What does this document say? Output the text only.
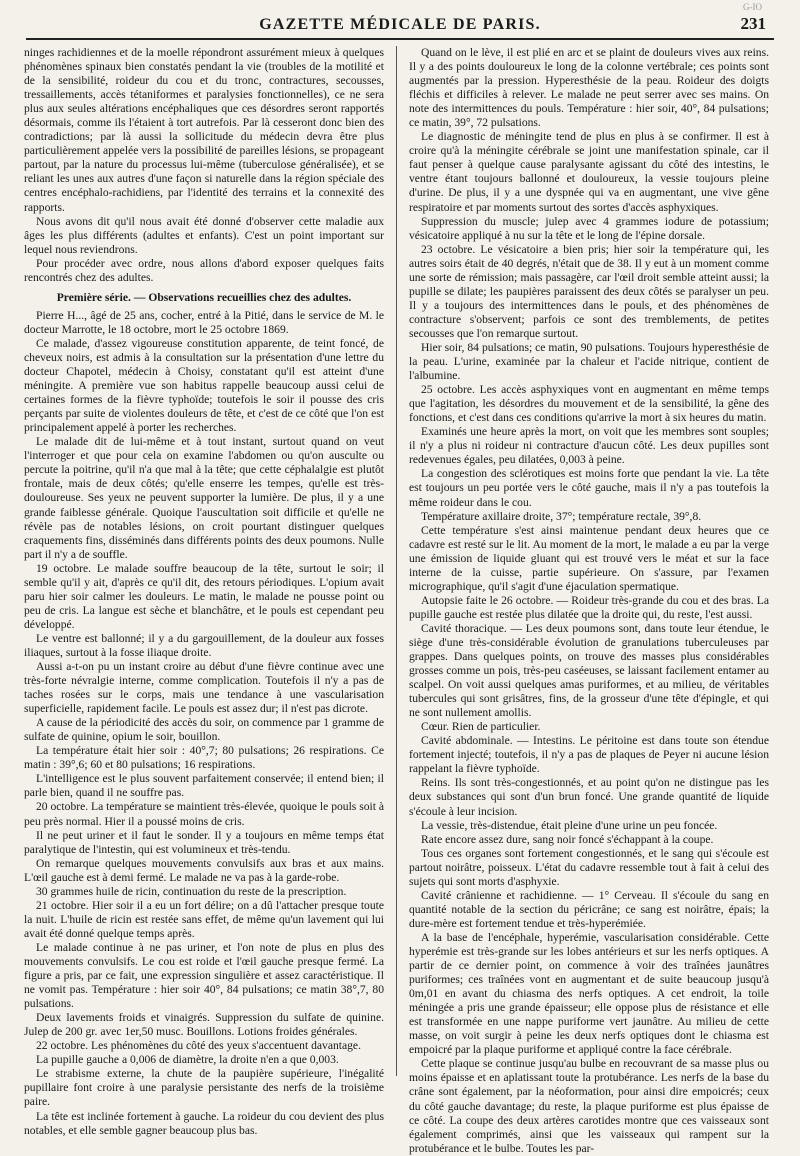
GAZETTE MÉDICALE DE PARIS.	231
G-IO

ninges rachidiennes et de la moelle répondront assurément mieux à quelques phénomènes spinaux bien constatés pendant la vie (troubles de la motilité et de la sensibilité, roideur du cou et du tronc, contractures, secousses, tressaillements, accès tétaniformes et paralysies fonctionnelles), ce ne sera plus aux seules altérations encéphaliques que ces désordres seront rapportés désormais, comme ils l'étaient à tort autrefois. Par là cesseront donc bien des contradictions; par là aussi la sollicitude du médecin devra être plus particulièrement appelée vers la possibilité de pareilles lésions, se propageant partout, par la nature du processus lui-même (tuberculose généralisée), et se reliant les unes aux autres d'une façon si naturelle dans la région spéciale des centres encéphalo-rachidiens, par l'identité des terrains et la connexité des rapports.

Nous avons dit qu'il nous avait été donné d'observer cette maladie aux âges les plus différents (adultes et enfants). C'est un point important sur lequel nous reviendrons.

Pour procéder avec ordre, nous allons d'abord exposer quelques faits rencontrés chez des adultes.

Première série. — Observations recueillies chez des adultes.

Pierre H..., âgé de 25 ans, cocher, entré à la Pitié, dans le service de M. le docteur Marrotte, le 18 octobre, mort le 25 octobre 1869.

Ce malade, d'assez vigoureuse constitution apparente, de teint foncé, de cheveux noirs, est admis à la consultation sur la présentation d'une lettre du docteur Chapotel, médecin à Choisy, constatant qu'il est atteint d'une méningite. A première vue son habitus rappelle beaucoup aussi celui de certaines formes de la fièvre typhoïde; toutefois le soir il pousse des cris perçants par suite de violentes douleurs de tête, et c'est de ce côté que l'on est principalement appelé à porter les recherches.

Le malade dit de lui-même et à tout instant, surtout quand on veut l'interroger et que pour cela on examine l'abdomen ou qu'on ausculte ou percute la poitrine, qu'il n'a que mal à la tête; que cette céphalalgie est plutôt frontale, mais de deux côtés; qu'elle enserre les tempes, qu'elle est très-douloureuse. Ses yeux ne peuvent supporter la lumière. De plus, il y a une grande faiblesse générale. Quoique l'auscultation soit difficile et qu'elle ne révèle pas de notables lésions, on croit pourtant distinguer quelques craquements fins, disséminés dans différents points des deux poumons. Nulle part il n'y a de souffle.

19 octobre. Le malade souffre beaucoup de la tête, surtout le soir; il semble qu'il y ait, d'après ce qu'il dit, des retours périodiques. L'opium avait paru hier soir calmer les douleurs. Le matin, le malade ne pousse point ou peu de cris. La langue est sèche et blanchâtre, et le pouls est cependant peu développé.

Le ventre est ballonné; il y a du gargouillement, de la douleur aux fosses iliaques, surtout à la fosse iliaque droite.

Aussi a-t-on pu un instant croire au début d'une fièvre continue avec une très-forte névralgie interne, comme complication. Toutefois il n'y a pas de taches rosées sur le corps, mais une tendance à une vascularisation superficielle, rapidement facile. Le pouls est assez dur; il n'est pas dicrote.

A cause de la périodicité des accès du soir, on commence par 1 gramme de sulfate de quinine, opium le soir, bouillon.

La température était hier soir : 40°,7; 80 pulsations; 26 respirations. Ce matin : 39°,6; 60 et 80 pulsations; 16 respirations.

L'intelligence est le plus souvent parfaitement conservée; il entend bien; il parle bien, quand il ne souffre pas.

20 octobre. La température se maintient très-élevée, quoique le pouls soit à peu près normal. Hier il a poussé moins de cris.

Il ne peut uriner et il faut le sonder. Il y a toujours en même temps état paralytique de l'intestin, qui est volumineux et très-tendu.

On remarque quelques mouvements convulsifs aux bras et aux mains. L'œil gauche est à demi fermé. Le malade ne va pas à la garde-robe.

30 grammes huile de ricin, continuation du reste de la prescription.

21 octobre. Hier soir il a eu un fort délire; on a dû l'attacher presque toute la nuit. L'huile de ricin est restée sans effet, de même qu'un lavement qui lui avait été donné quelque temps après.

Le malade continue à ne pas uriner, et l'on note de plus en plus des mouvements convulsifs. Le cou est roide et l'œil gauche presque fermé. La figure a pris, par ce fait, une expression singulière et assez caractéristique. Il ne vomit pas. Température : hier soir 40°, 84 pulsations; ce matin 38°,7, 80 pulsations.

Deux lavements froids et vinaigrés. Suppression du sulfate de quinine. Julep de 200 gr. avec 1er,50 musc. Bouillons. Lotions froides générales.

22 octobre. Les phénomènes du côté des yeux s'accentuent davantage.

La pupille gauche a 0,006 de diamètre, la droite n'en a que 0,003.

Le strabisme externe, la chute de la paupière supérieure, l'inégalité pupillaire font croire à une paralysie persistante des nerfs de la troisième paire.

La tête est inclinée fortement à gauche. La roideur du cou devient des plus notables, et elle semble gagner beaucoup plus bas.

Quand on le lève, il est plié en arc et se plaint de douleurs vives aux reins. Il y a des points douloureux le long de la colonne vertébrale; ces points sont augmentés par la pression. Hyperesthésie de la peau. Roideur des doigts fléchis et difficiles à relever. Le malade ne peut serrer avec ses mains. On note des intermittences du pouls. Température : hier soir, 40°, 84 pulsations; ce matin, 39°, 72 pulsations.

Le diagnostic de méningite tend de plus en plus à se confirmer. Il est à croire qu'à la méningite cérébrale se joint une manifestation spinale, car il faut penser à quelque cause paralysante agissant du côté des intestins, le ventre étant toujours ballonné et douloureux, la vessie toujours pleine d'urine. De plus, il y a une dyspnée qui va en augmentant, une vive gêne respiratoire et par moments surtout des sortes d'accès asphyxiques.

Suppression du muscle; julep avec 4 grammes iodure de potassium; vésicatoire appliqué à nu sur la tête et le long de l'épine dorsale.

23 octobre. Le vésicatoire a bien pris; hier soir la température qui, les autres soirs était de 40 degrés, n'était que de 38. Il y eut à un moment comme une sorte de rémission; mais passagère, car l'œil droit semble atteint aussi; la pupille se dilate; les paupières paraissent des deux côtés se paralyser un peu. Il y a toujours des intermittences dans le pouls, et des phénomènes de contracture s'observent; parfois ce sont des tremblements, de petites secousses que l'on remarque surtout.

Hier soir, 84 pulsations; ce matin, 90 pulsations. Toujours hyperesthésie de la peau. L'urine, examinée par la chaleur et l'acide nitrique, contient de l'albumine.

25 octobre. Les accès asphyxiques vont en augmentant en même temps que l'agitation, les désordres du mouvement et de la sensibilité, la gêne des fonctions, et c'est dans ces conditions qu'arrive la mort à six heures du matin.

Examinés une heure après la mort, on voit que les membres sont souples; il n'y a plus ni roideur ni contracture d'aucun côté. Les deux pupilles sont redevenues égales, peu dilatées, 0,003 à peine.

La congestion des sclérotiques est moins forte que pendant la vie. La tête est toujours un peu portée vers le côté gauche, mais il n'y a pas toutefois la même roideur dans le cou.

Température axillaire droite, 37°; température rectale, 39°,8.

Cette température s'est ainsi maintenue pendant deux heures que ce cadavre est resté sur le lit. Au moment de la mort, le malade a eu par la verge une émission de liquide gluant qui est trouvé vers le méat et sur la face interne de la cuisse, partie supérieure. On s'assure, par l'examen micrographique, qu'il s'agit d'une éjaculation spermatique.

Autopsie faite le 26 octobre. — Roideur très-grande du cou et des bras. La pupille gauche est restée plus dilatée que la droite qui, du reste, l'est aussi.

Cavité thoracique. — Les deux poumons sont, dans toute leur étendue, le siège d'une très-considérable évolution de granulations tuberculeuses par grappes. Dans quelques points, on trouve des masses plus considérables grosses comme un pois, très-peu caséeuses, se laissant facilement entamer au scalpel. On voit aussi quelques amas puriformes, et au milieu, de véritables tubercules qui sont grisâtres, fins, de la grosseur d'une tête d'épingle, et qui ne sont nullement amollis.

Cœur. Rien de particulier.

Cavité abdominale. — Intestins. Le péritoine est dans toute son étendue fortement injecté; toutefois, il n'y a pas de plaques de Peyer ni aucune lésion rappelant la fièvre typhoïde.

Reins. Ils sont très-congestionnés, et au point qu'on ne distingue pas les deux substances qui sont d'un brun foncé. Une grande quantité de liquide s'écoule à leur incision.

La vessie, très-distendue, était pleine d'une urine un peu foncée.

Rate encore assez dure, sang noir foncé s'échappant à la coupe.

Tous ces organes sont fortement congestionnés, et le sang qui s'écoule est partout noirâtre, poisseux. L'état du cadavre ressemble tout à fait à celui des sujets qui sont morts d'asphyxie.

Cavité crânienne et rachidienne. — 1° Cerveau. Il s'écoule du sang en quantité notable de la section du péricrâne; ce sang est noirâtre, épais; la dure-mère est fortement tendue et très-hyperémiée.

A la base de l'encéphale, hyperémie, vascularisation considérable. Cette hyperémie est très-grande sur les lobes antérieurs et sur les nerfs optiques. A partir de ce dernier point, on commence à voir des traînées jaunâtres puriformes; ces traînées vont en augmentant et de suite beaucoup jusqu'à 0m,01 en avant du chiasma des nerfs optiques. A cet endroit, la toile méningée a pris une grande épaisseur; elle oppose plus de résistance et elle est transformée en une nappe puriforme vert jaunâtre. Au milieu de cette masse, on voit surgir à peine les deux nerfs optiques dont le chiasma est empoicré par la plaque puriforme et appliqué contre la face cérébrale.

Cette plaque se continue jusqu'au bulbe en recouvrant de sa masse plus ou moins épaisse et en aplatissant toute la protubérance. Les nerfs de la base du crâne sont également, par la néoformation, pour ainsi dire empoicrés; ceux du côté gauche davantage; du reste, la plaque puriforme est plus épaisse de ce côté. La coupe des deux artères carotides montre que ces vaisseaux sont également comprimés, ainsi que les vaisseaux qui rampent sur la protubérance et le bulbe. Toutes les par-
